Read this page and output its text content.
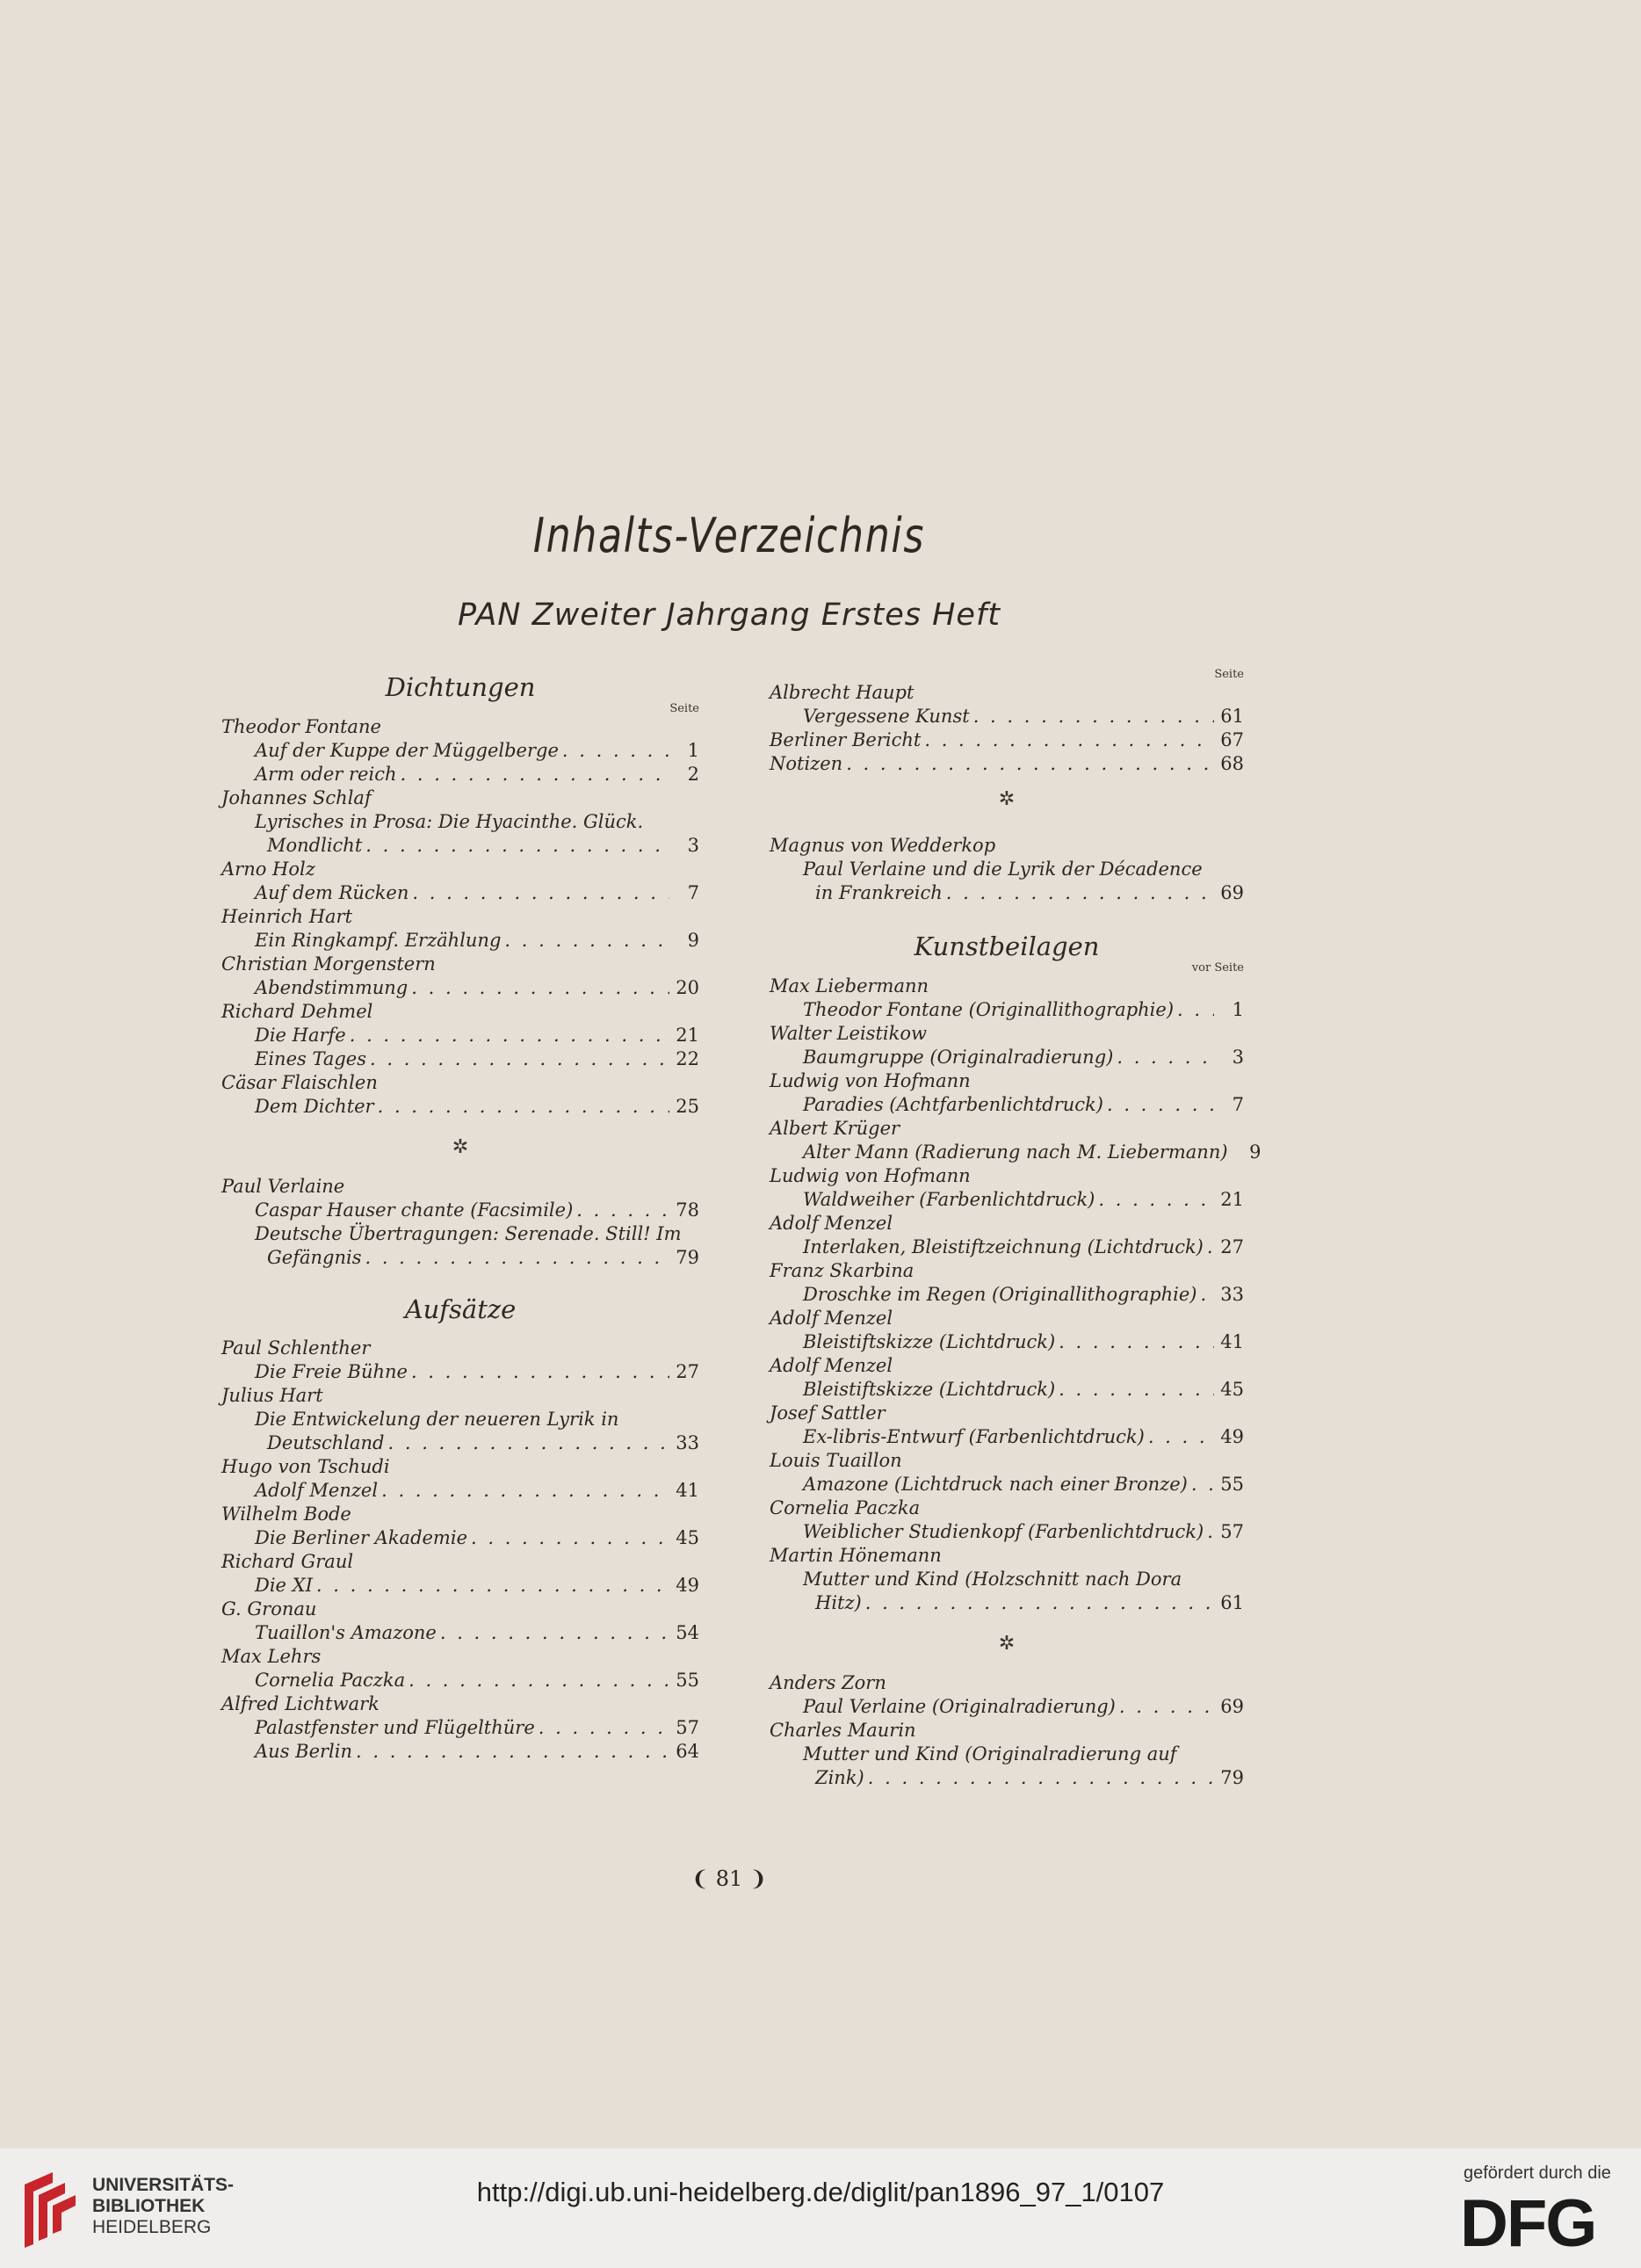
Inhalts-Verzeichnis
PAN Zweiter Jahrgang Erstes Heft
Dichtungen
Seite
Theodor Fontane
Auf der Kuppe der Müggelberge . . .	1
Arm oder reich . . .	2
Johannes Schlaf
Lyrisches in Prosa: Die Hyacinthe. Glück.
Mondlicht . . .	3
Arno Holz
Auf dem Rücken . . .	7
Heinrich Hart
Ein Ringkampf. Erzählung . . .	9
Christian Morgenstern
Abendstimmung . . .	20
Richard Dehmel
Die Harfe . . .	21
Eines Tages . . .	22
Cäsar Flaischlen
Dem Dichter . . .	25
✲
Paul Verlaine
Caspar Hauser chante (Facsimile) . . .	78
Deutsche Übertragungen: Serenade. Still! Im
Gefängnis . . .	79
Aufsätze
Paul Schlenther
Die Freie Bühne . . .	27
Julius Hart
Die Entwickelung der neueren Lyrik in
Deutschland . . .	33
Hugo von Tschudi
Adolf Menzel . . .	41
Wilhelm Bode
Die Berliner Akademie . . .	45
Richard Graul
Die XI . . .	49
G. Gronau
Tuaillon's Amazone . . .	54
Max Lehrs
Cornelia Paczka . . .	55
Alfred Lichtwark
Palastfenster und Flügelthüre . . .	57
Aus Berlin . . .	64
Seite
Albrecht Haupt
Vergessene Kunst . . .	61
Berliner Bericht . . .	67
Notizen . . .	68
✲
Magnus von Wedderkop
Paul Verlaine und die Lyrik der Décadence
in Frankreich . . .	69
Kunstbeilagen
vor Seite
Max Liebermann
Theodor Fontane (Originallithographie) . . .	1
Walter Leistikow
Baumgruppe (Originalradierung) . . .	3
Ludwig von Hofmann
Paradies (Achtfarbenlichtdruck) . . .	7
Albert Krüger
Alter Mann (Radierung nach M. Liebermann)	9
Ludwig von Hofmann
Waldweiher (Farbenlichtdruck) . . .	21
Adolf Menzel
Interlaken, Bleistiftzeichnung (Lichtdruck) . . . 27
Franz Skarbina
Droschke im Regen (Originallithographie) . . . 33
Adolf Menzel
Bleistiftskizze (Lichtdruck) . . .	41
Adolf Menzel
Bleistiftskizze (Lichtdruck) . . .	45
Josef Sattler
Ex-libris-Entwurf (Farbenlichtdruck) . . .	49
Louis Tuaillon
Amazone (Lichtdruck nach einer Bronze) . . . 55
Cornelia Paczka
Weiblicher Studienkopf (Farbenlichtdruck) . . . 57
Martin Hönemann
Mutter und Kind (Holzschnitt nach Dora
Hitz) . . .	61
✲
Anders Zorn
Paul Verlaine (Originalradierung) . . .	69
Charles Maurin
Mutter und Kind (Originalradierung auf
Zink) . . .	79
❨ 81 ❩
UNIVERSITÄTS-
BIBLIOTHEK
HEIDELBERG
http://digi.ub.uni-heidelberg.de/diglit/pan1896_97_1/0107
gefördert durch die
DFG
